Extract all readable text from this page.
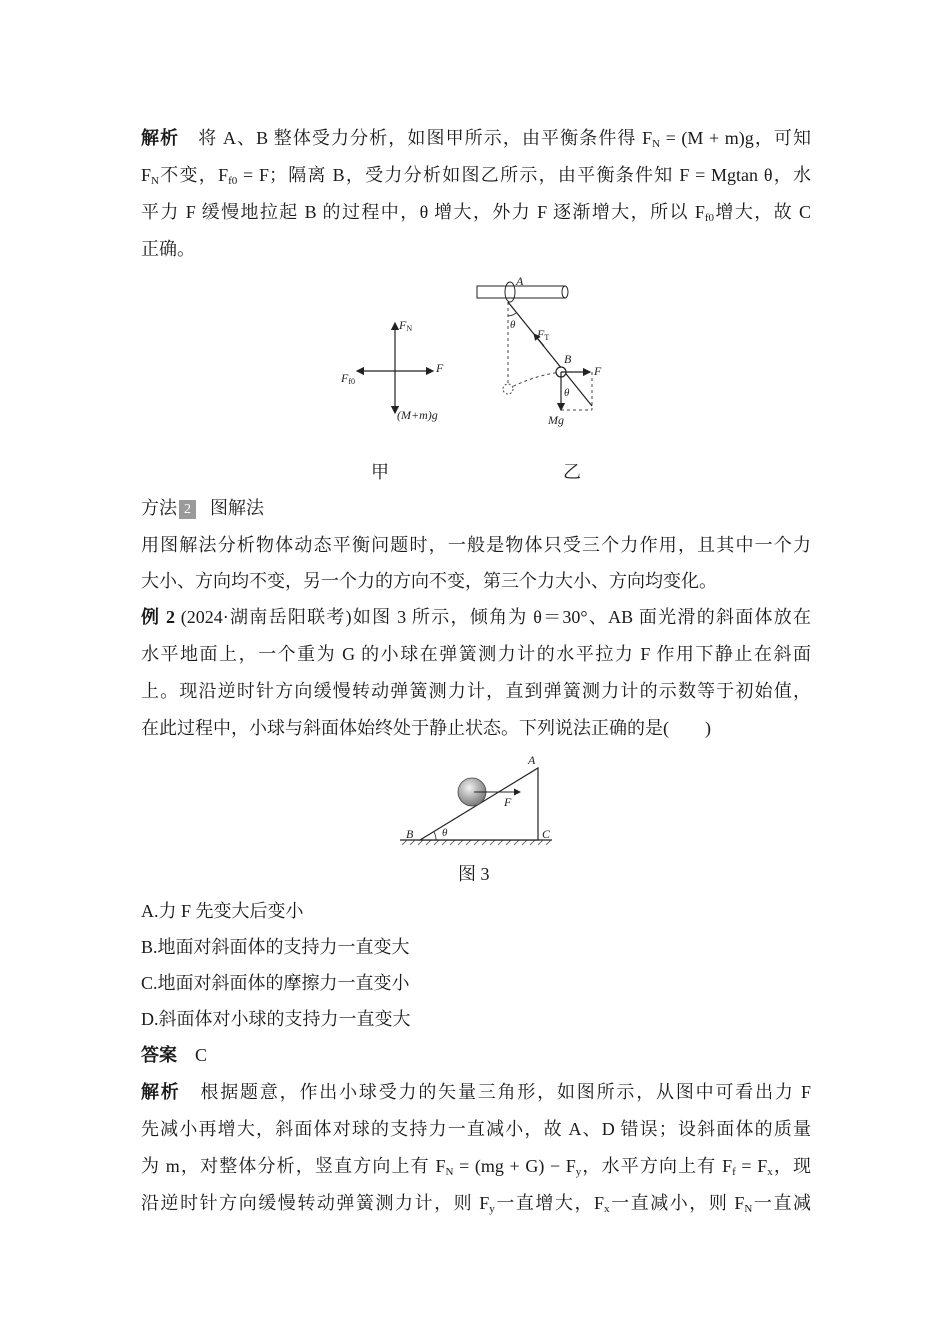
解析 将 A、B 整体受力分析，如图甲所示，由平衡条件得 $F_N = (M + m)g$，可知
$F_N$不变，$F_{f0} = F$；隔离 B，受力分析如图乙所示，由平衡条件知 F = Mgtan θ，水
平力 F 缓慢地拉起 B 的过程中，θ 增大，外力 F 逐渐增大，所以 $F_{f0}$增大，故 C
正确。
FN
F
Ff0
(M+m)g
A
θ
FT
B
F
θ
Mg
甲	乙
方法 2 图解法
用图解法分析物体动态平衡问题时，一般是物体只受三个力作用，且其中一个力
大小、方向均不变，另一个力的方向不变，第三个力大小、方向均变化。
例 2 (2024·湖南岳阳联考)如图 3 所示，倾角为 θ＝30°、AB 面光滑的斜面体放在
水平地面上，一个重为 G 的小球在弹簧测力计的水平拉力 F 作用下静止在斜面
上。现沿逆时针方向缓慢转动弹簧测力计，直到弹簧测力计的示数等于初始值，
在此过程中，小球与斜面体始终处于静止状态。下列说法正确的是(　　)
F
A
B	C
θ
图 3
A.力 F 先变大后变小
B.地面对斜面体的支持力一直变大
C.地面对斜面体的摩擦力一直变小
D.斜面体对小球的支持力一直变大
答案 C
解析 根据题意，作出小球受力的矢量三角形，如图所示，从图中可看出力 F
先减小再增大，斜面体对球的支持力一直减小，故 A、D 错误；设斜面体的质量
为 m，对整体分析，竖直方向上有 $F_N = (mg + G) - F_y$，水平方向上有 $F_f = F_x$，现
沿逆时针方向缓慢转动弹簧测力计，则 $F_y$一直增大，$F_x$一直减小，则 $F_N$一直减
